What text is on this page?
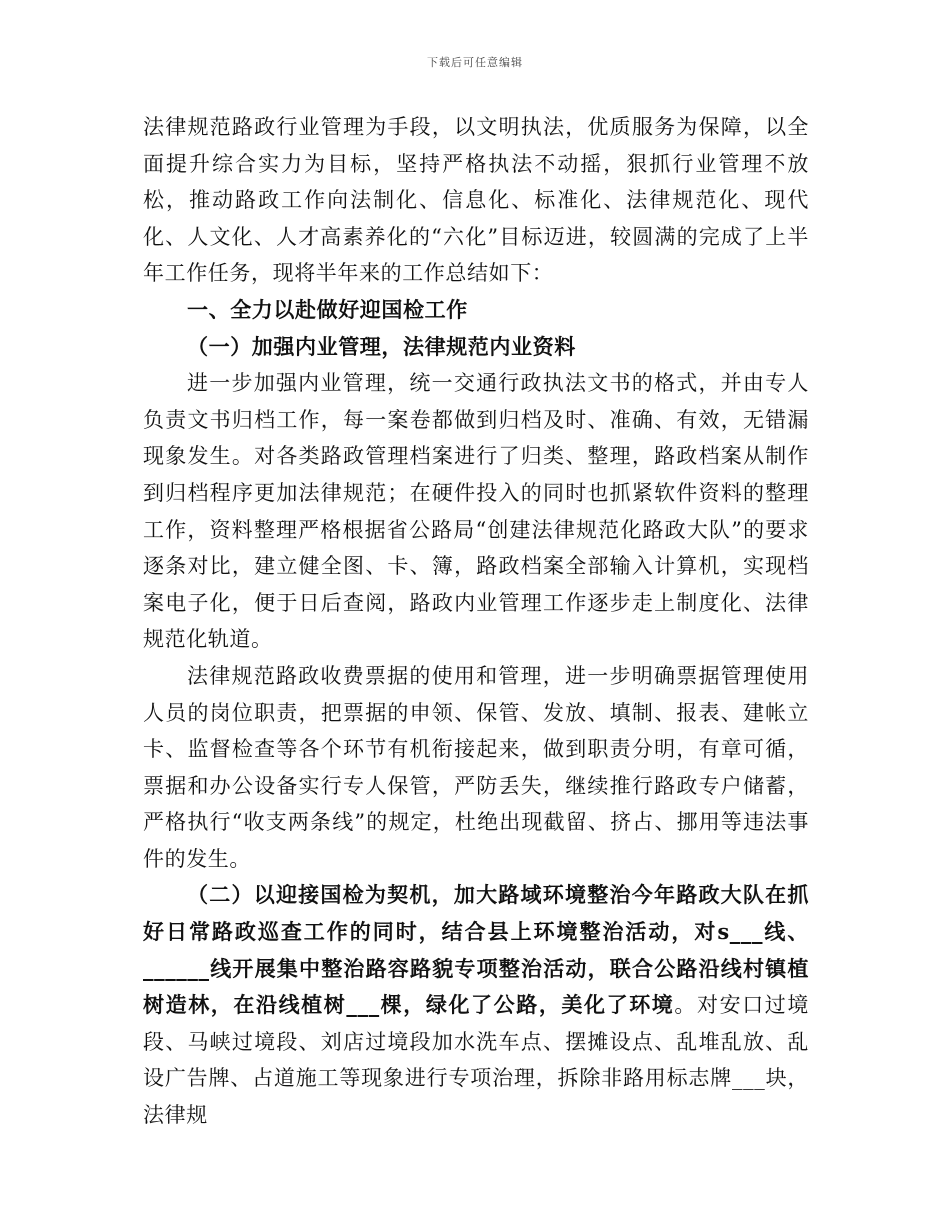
下载后可任意编辑

法律规范路政行业管理为手段，以文明执法，优质服务为保障，以全面提升综合实力为目标，坚持严格执法不动摇，狠抓行业管理不放松，推动路政工作向法制化、信息化、标准化、法律规范化、现代化、人文化、人才高素养化的“六化”目标迈进，较圆满的完成了上半年工作任务，现将半年来的工作总结如下：

一、全力以赴做好迎国检工作

（一）加强内业管理，法律规范内业资料

进一步加强内业管理，统一交通行政执法文书的格式，并由专人负责文书归档工作，每一案卷都做到归档及时、准确、有效，无错漏现象发生。对各类路政管理档案进行了归类、整理，路政档案从制作到归档程序更加法律规范；在硬件投入的同时也抓紧软件资料的整理工作，资料整理严格根据省公路局“创建法律规范化路政大队”的要求逐条对比，建立健全图、卡、簿，路政档案全部输入计算机，实现档案电子化，便于日后查阅，路政内业管理工作逐步走上制度化、法律规范化轨道。

法律规范路政收费票据的使用和管理，进一步明确票据管理使用人员的岗位职责，把票据的申领、保管、发放、填制、报表、建帐立卡、监督检查等各个环节有机衔接起来，做到职责分明，有章可循，票据和办公设备实行专人保管，严防丢失，继续推行路政专户储蓄，严格执行“收支两条线”的规定，杜绝出现截留、挤占、挪用等违法事件的发生。

（二）以迎接国检为契机，加大路域环境整治今年路政大队在抓好日常路政巡查工作的同时，结合县上环境整治活动，对s___线、______线开展集中整治路容路貌专项整治活动，联合公路沿线村镇植树造林，在沿线植树___棵，绿化了公路，美化了环境。对安口过境段、马峡过境段、刘店过境段加水洗车点、摆摊设点、乱堆乱放、乱设广告牌、占道施工等现象进行专项治理，拆除非路用标志牌___块，法律规
